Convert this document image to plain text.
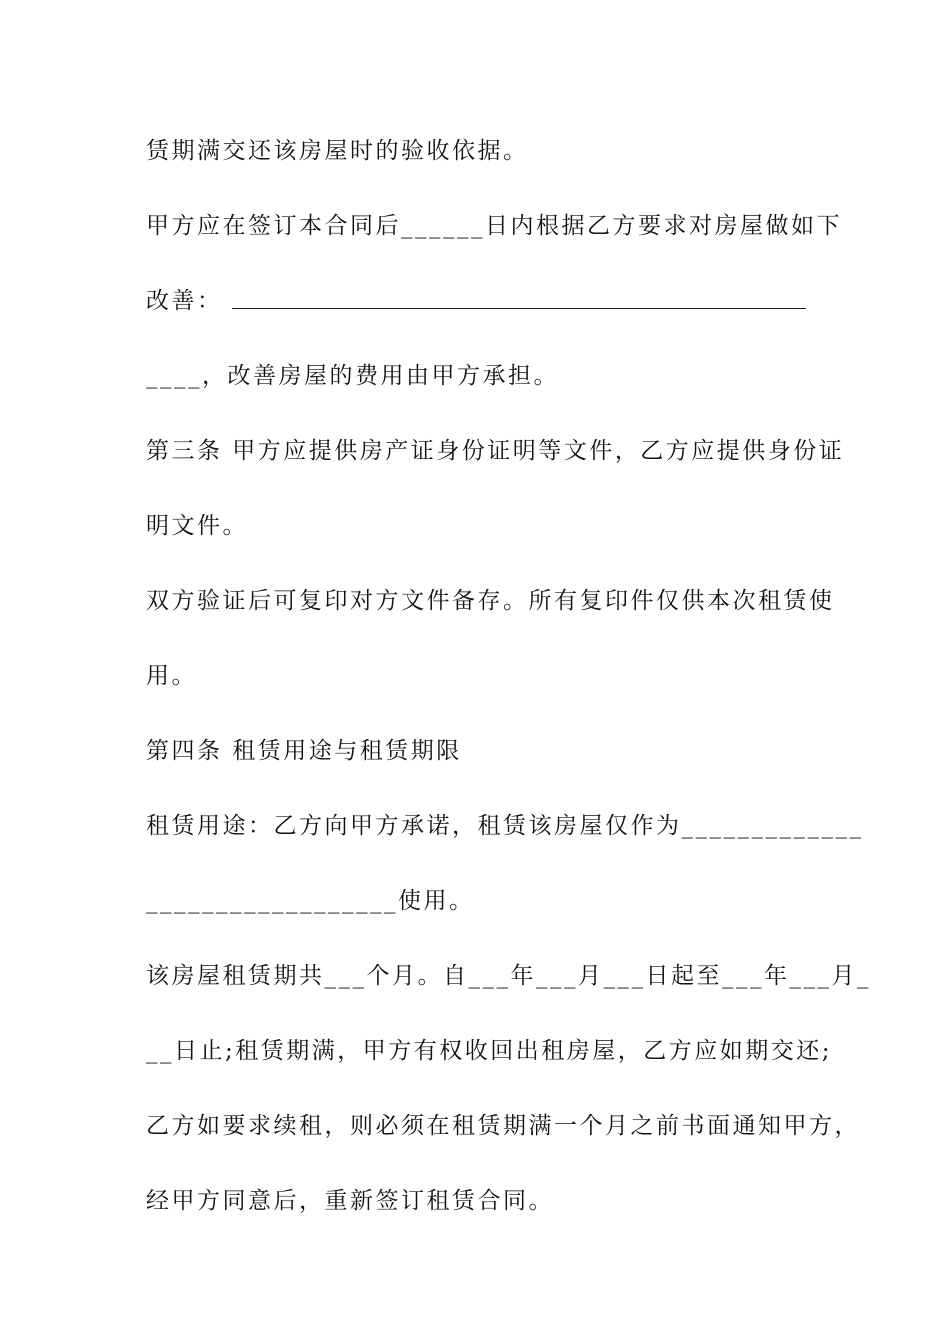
赁期满交还该房屋时的验收依据。
甲方应在签订本合同后______日内根据乙方要求对房屋做如下
改善：
____，改善房屋的费用由甲方承担。
第三条 甲方应提供房产证身份证明等文件，乙方应提供身份证
明文件。
双方验证后可复印对方文件备存。所有复印件仅供本次租赁使
用。
第四条 租赁用途与租赁期限
租赁用途：乙方向甲方承诺，租赁该房屋仅作为_____________
__________________使用。
该房屋租赁期共___个月。自___年___月___日起至___年___月_
__日止;租赁期满，甲方有权收回出租房屋，乙方应如期交还;
乙方如要求续租，则必须在租赁期满一个月之前书面通知甲方，
经甲方同意后，重新签订租赁合同。
